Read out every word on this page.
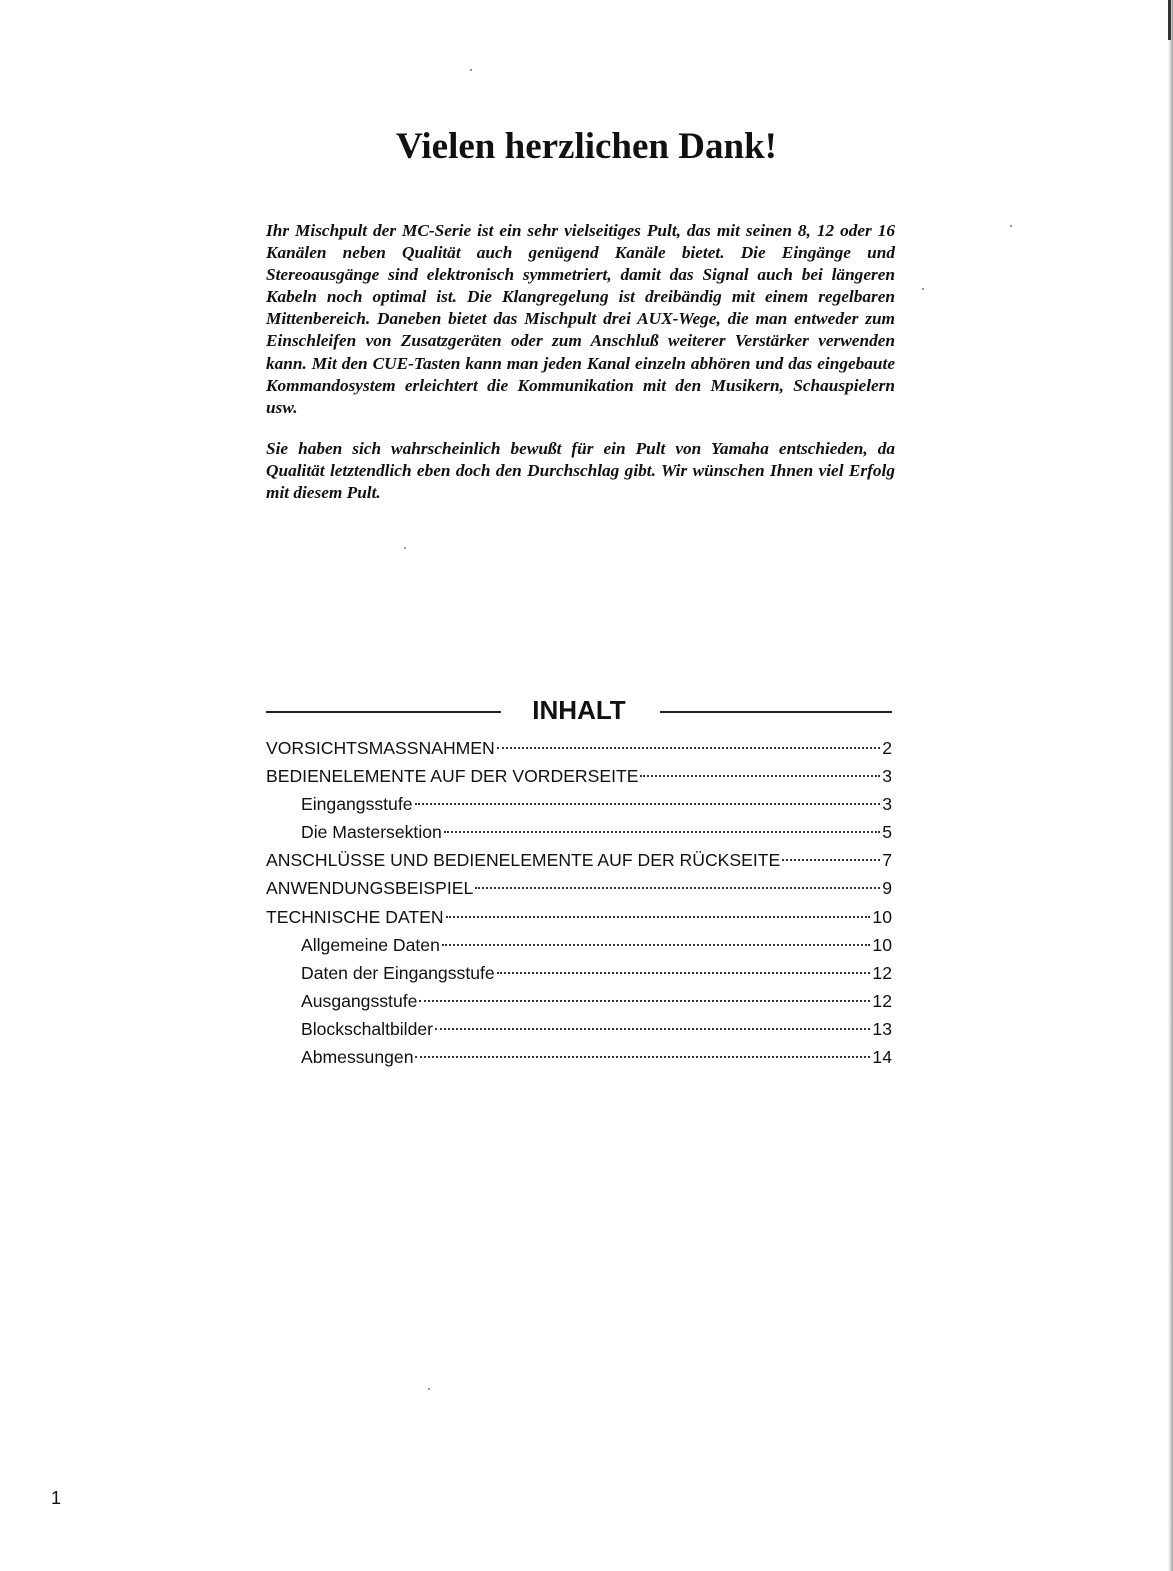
Vielen herzlichen Dank!

Ihr Mischpult der MC-Serie ist ein sehr vielseitiges Pult, das mit seinen 8, 12 oder 16 Kanälen neben Qualität auch genügend Kanäle bietet. Die Eingänge und Stereoausgänge sind elektronisch symmetriert, damit das Signal auch bei längeren Kabeln noch optimal ist. Die Klangregelung ist dreibändig mit einem regelbaren Mittenbereich. Daneben bietet das Mischpult drei AUX-Wege, die man entweder zum Einschleifen von Zusatzgeräten oder zum Anschluß weiterer Verstärker verwenden kann. Mit den CUE-Tasten kann man jeden Kanal einzeln abhören und das eingebaute Kommandosystem erleichtert die Kommunikation mit den Musikern, Schauspielern usw.

Sie haben sich wahrscheinlich bewußt für ein Pult von Yamaha entschieden, da Qualität letztendlich eben doch den Durchschlag gibt. Wir wünschen Ihnen viel Erfolg mit diesem Pult.

INHALT
VORSICHTSMASSNAHMEN	2
BEDIENELEMENTE AUF DER VORDERSEITE	3
Eingangsstufe	3
Die Mastersektion	5
ANSCHLÜSSE UND BEDIENELEMENTE AUF DER RÜCKSEITE	7
ANWENDUNGSBEISPIEL	9
TECHNISCHE DATEN	10
Allgemeine Daten	10
Daten der Eingangsstufe	12
Ausgangsstufe	12
Blockschaltbilder	13
Abmessungen	14

1
